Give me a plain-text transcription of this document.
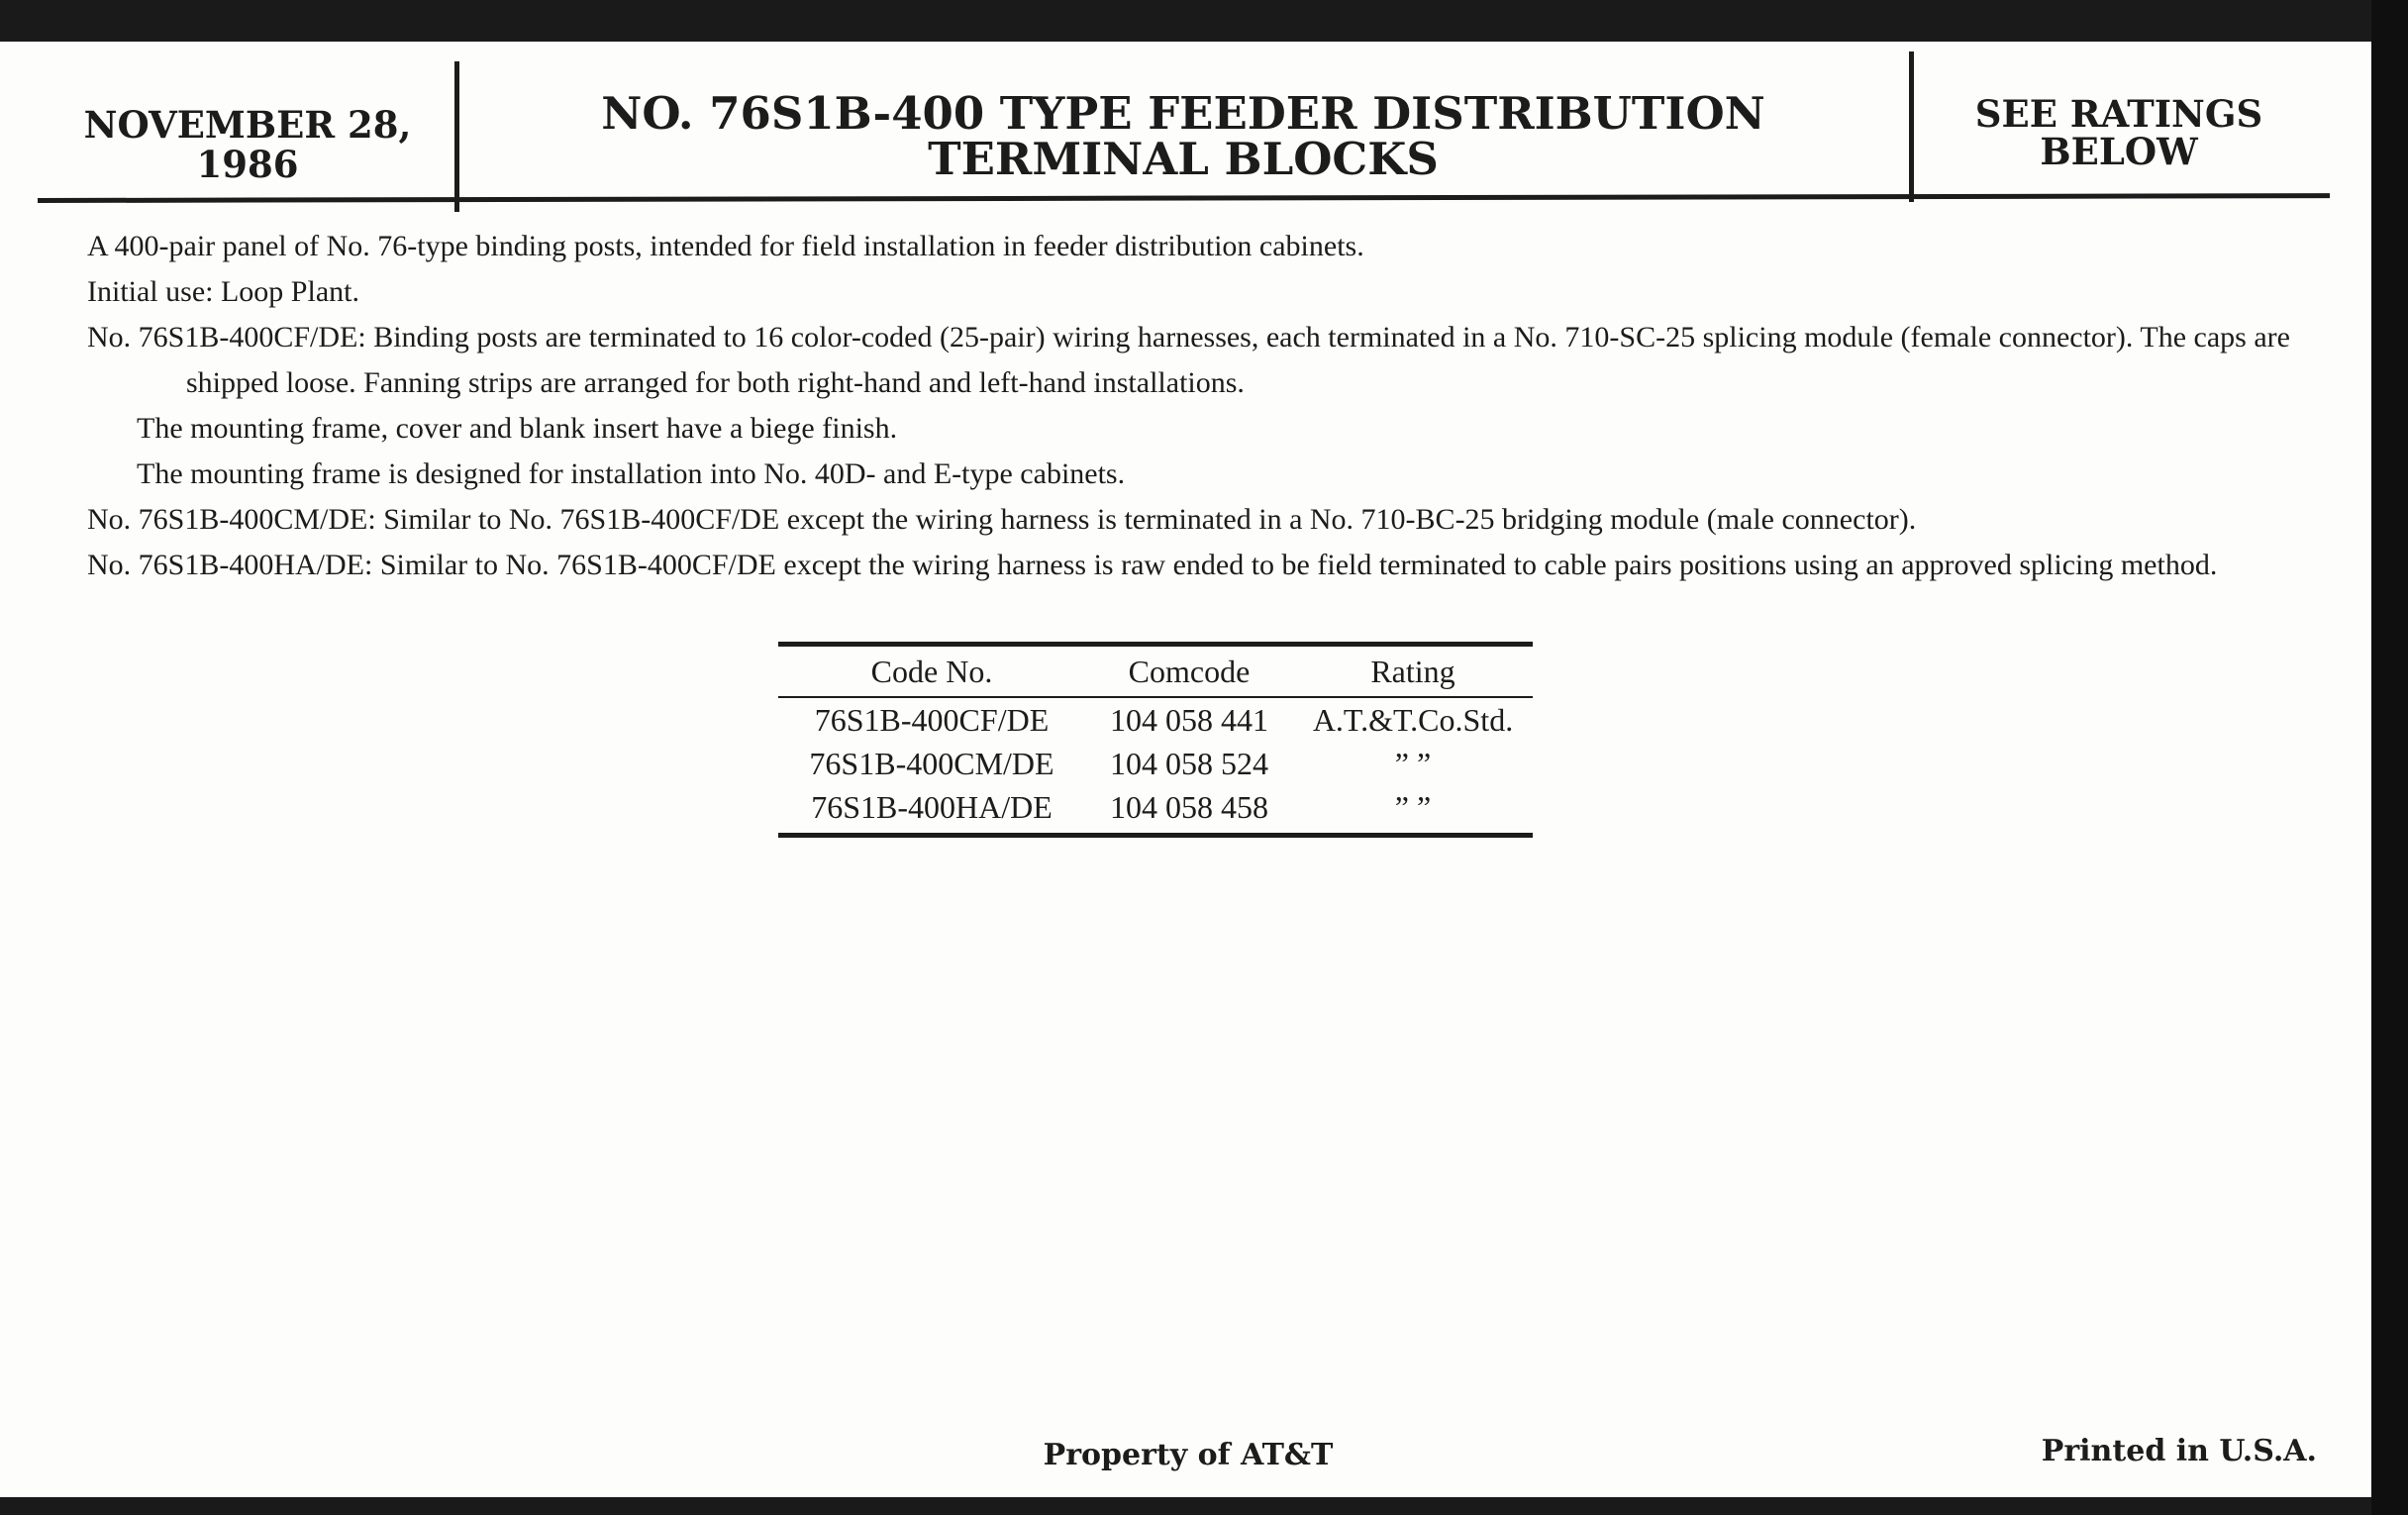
NOVEMBER 28,
1986
NO. 76S1B-400 TYPE FEEDER DISTRIBUTION
TERMINAL BLOCKS
SEE RATINGS
BELOW

A 400-pair panel of No. 76-type binding posts, intended for field installation in feeder distribution cabinets.

Initial use: Loop Plant.

No. 76S1B-400CF/DE: Binding posts are terminated to 16 color-coded (25-pair) wiring harnesses, each terminated in a No. 710-SC-25 splicing module (female connector). The caps are shipped loose. Fanning strips are arranged for both right-hand and left-hand installations.

The mounting frame, cover and blank insert have a biege finish.

The mounting frame is designed for installation into No. 40D- and E-type cabinets.

No. 76S1B-400CM/DE: Similar to No. 76S1B-400CF/DE except the wiring harness is terminated in a No. 710-BC-25 bridging module (male connector).

No. 76S1B-400HA/DE: Similar to No. 76S1B-400CF/DE except the wiring harness is raw ended to be field terminated to cable pairs positions using an approved splicing method.

Code No.	Comcode	Rating
76S1B-400CF/DE	104 058 441	A.T.&T.Co.Std.
76S1B-400CM/DE	104 058 524	” ”
76S1B-400HA/DE	104 058 458	” ”
Property of AT&T	Printed in U.S.A.
